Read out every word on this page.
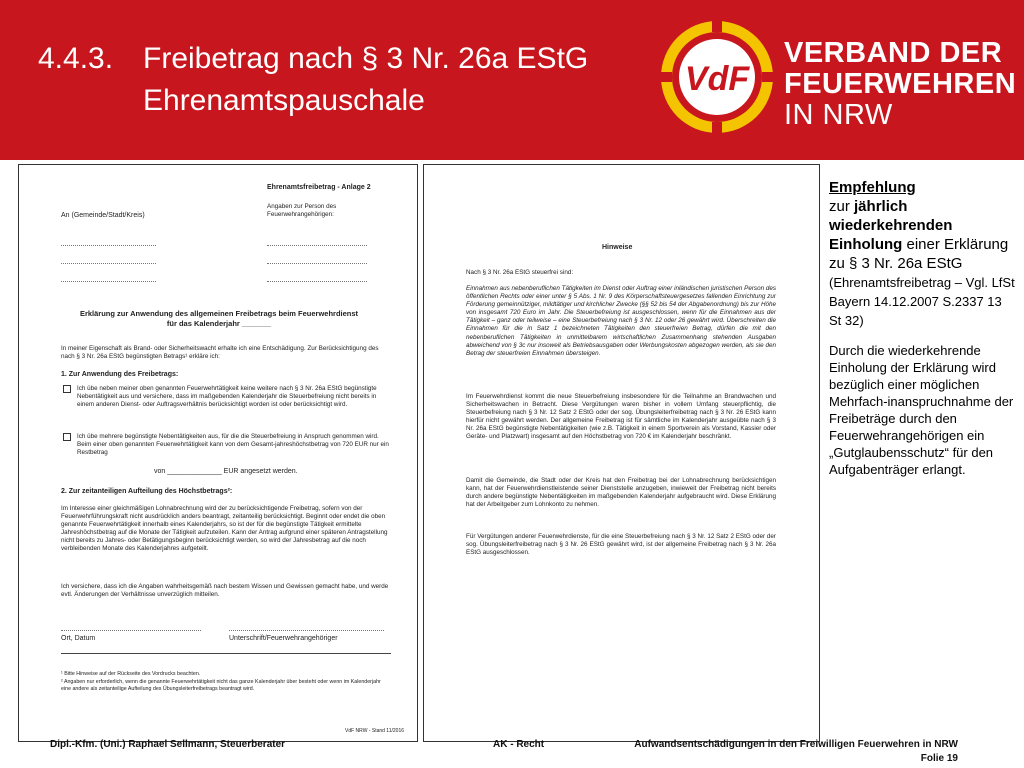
4.4.3. Freibetrag nach § 3 Nr. 26a EStG
Ehrenamtspauschale
VdF
VERBAND DER
FEUERWEHREN
IN NRW
Ehrenamtsfreibetrag - Anlage 2
Angaben zur Person des Feuerwehrangehörigen:
An (Gemeinde/Stadt/Kreis)
Erklärung zur Anwendung des allgemeinen Freibetrags beim Feuerwehrdienst für das Kalenderjahr _______
In meiner Eigenschaft als Brand- oder Sicherheitswacht erhalte ich eine Entschädigung. Zur Berücksichtigung des nach § 3 Nr. 26a EStG begünstigten Betrags¹ erkläre ich:
1. Zur Anwendung des Freibetrags:
Ich übe neben meiner oben genannten Feuerwehrtätigkeit keine weitere nach § 3 Nr. 26a EStG begünstigte Nebentätigkeit aus und versichere, dass im maßgebenden Kalenderjahr die Steuerbefreiung nicht bereits in einem anderen Dienst- oder Auftragsverhältnis berücksichtigt worden ist oder berücksichtigt wird.
Ich übe mehrere begünstigte Nebentätigkeiten aus, für die die Steuerbefreiung in Anspruch genommen wird. Beim einer oben genannten Feuerwehrtätigkeit kann von dem Gesamt-jahreshöchstbetrag von 720 EUR nur ein Restbetrag
von ______________ EUR angesetzt werden.
2. Zur zeitanteiligen Aufteilung des Höchstbetrags²:
Im Interesse einer gleichmäßigen Lohnabrechnung wird der zu berücksichtigende Freibetrag, sofern von der Feuerwehrführungskraft nicht ausdrücklich anders beantragt, zeitanteilig berücksichtigt. Beginnt oder endet die oben genannte Feuerwehrtätigkeit innerhalb eines Kalenderjahrs, so ist der für die begünstigte Tätigkeit ermittelte Jahreshöchstbetrag auf die Monate der Tätigkeit aufzuteilen. Kann der Antrag aufgrund einer späteren Antragstellung nicht bereits zu Jahres- oder Betätigungsbeginn berücksichtigt werden, so wird der Jahresbetrag auf die noch verbleibenden Monate des Kalenderjahres aufgeteilt.
Ich versichere, dass ich die Angaben wahrheitsgemäß nach bestem Wissen und Gewissen gemacht habe, und werde evtl. Änderungen der Verhältnisse unverzüglich mitteilen.
Ort, Datum	Unterschrift/Feuerwehrangehöriger
¹ Bitte Hinweise auf der Rückseite des Vordrucks beachten.
² Angaben nur erforderlich, wenn die genannte Feuerwehrtätigkeit nicht das ganze Kalenderjahr über besteht oder wenn im Kalenderjahr eine andere als zeitanteilige Aufteilung des Übungsleiterfreibetrags beantragt wird.
VdF NRW - Stand 11/2016
Hinweise
Nach § 3 Nr. 26a EStG steuerfrei sind:
Einnahmen aus nebenberuflichen Tätigkeiten im Dienst oder Auftrag einer inländischen juristischen Person des öffentlichen Rechts oder einer unter § 5 Abs. 1 Nr. 9 des Körperschaftsteuergesetzes fallenden Einrichtung zur Förderung gemeinnütziger, mildtätiger und kirchlicher Zwecke (§§ 52 bis 54 der Abgabenordnung) bis zur Höhe von insgesamt 720 Euro im Jahr. Die Steuerbefreiung ist ausgeschlossen, wenn für die Einnahmen aus der Tätigkeit – ganz oder teilweise – eine Steuerbefreiung nach § 3 Nr. 12 oder 26 gewährt wird. Überschreiten die Einnahmen für die in Satz 1 bezeichneten Tätigkeiten den steuerfreien Betrag, dürfen die mit den nebenberuflichen Tätigkeiten in unmittelbarem wirtschaftlichen Zusammenhang stehenden Ausgaben abweichend von § 3c nur insoweit als Betriebsausgaben oder Werbungskosten abgezogen werden, als sie den Betrag der steuerfreien Einnahmen übersteigen.
Im Feuerwehrdienst kommt die neue Steuerbefreiung insbesondere für die Teilnahme an Brandwachen und Sicherheitswachen in Betracht. Diese Vergütungen waren bisher in vollem Umfang steuerpflichtig, die Steuerbefreiung nach § 3 Nr. 12 Satz 2 EStG oder der sog. Übungsleiterfreibetrag nach § 3 Nr. 26 EStG kann hierfür nicht gewährt werden. Der allgemeine Freibetrag ist für sämtliche im Kalenderjahr ausgeübte nach § 3 Nr. 26a EStG begünstigte Nebentätigkeiten (wie z.B. Tätigkeit in einem Sportverein als Vorstand, Kassier oder Geräte- und Platzwart) insgesamt auf den Höchstbetrag von 720 € im Kalenderjahr beschränkt.
Damit die Gemeinde, die Stadt oder der Kreis hat den Freibetrag bei der Lohnabrechnung berücksichtigen kann, hat der Feuerwehrdienstleistende seiner Dienststelle anzugeben, inwieweit der Freibetrag nicht bereits durch andere begünstigte Nebentätigkeiten im maßgebenden Kalenderjahr aufgebraucht wird. Diese Erklärung hat der Arbeitgeber zum Lohnkonto zu nehmen.
Für Vergütungen anderer Feuerwehrdienste, für die eine Steuerbefreiung nach § 3 Nr. 12 Satz 2 EStG oder der sog. Übungsleiterfreibetrag nach § 3 Nr. 26 EStG gewährt wird, ist der allgemeine Freibetrag nach § 3 Nr. 26a EStG ausgeschlossen.

Empfehlung
zur jährlich wiederkehrenden Einholung einer Erklärung zu § 3 Nr. 26a EStG
(Ehrenamtsfreibetrag – Vgl. LfSt Bayern 14.12.2007 S.2337 13 St 32)

Durch die wiederkehrende Einholung der Erklärung wird bezüglich einer möglichen Mehrfach-inanspruchnahme der Freibeträge durch den Feuerwehrangehörigen ein „Gutglaubensschutz“ für den Aufgabenträger erlangt.

Dipl.-Kfm. (Uni.) Raphael Sellmann, Steuerberater	AK - Recht	Aufwandsentschädigungen in den Freiwilligen Feuerwehren in NRW
Folie 19
